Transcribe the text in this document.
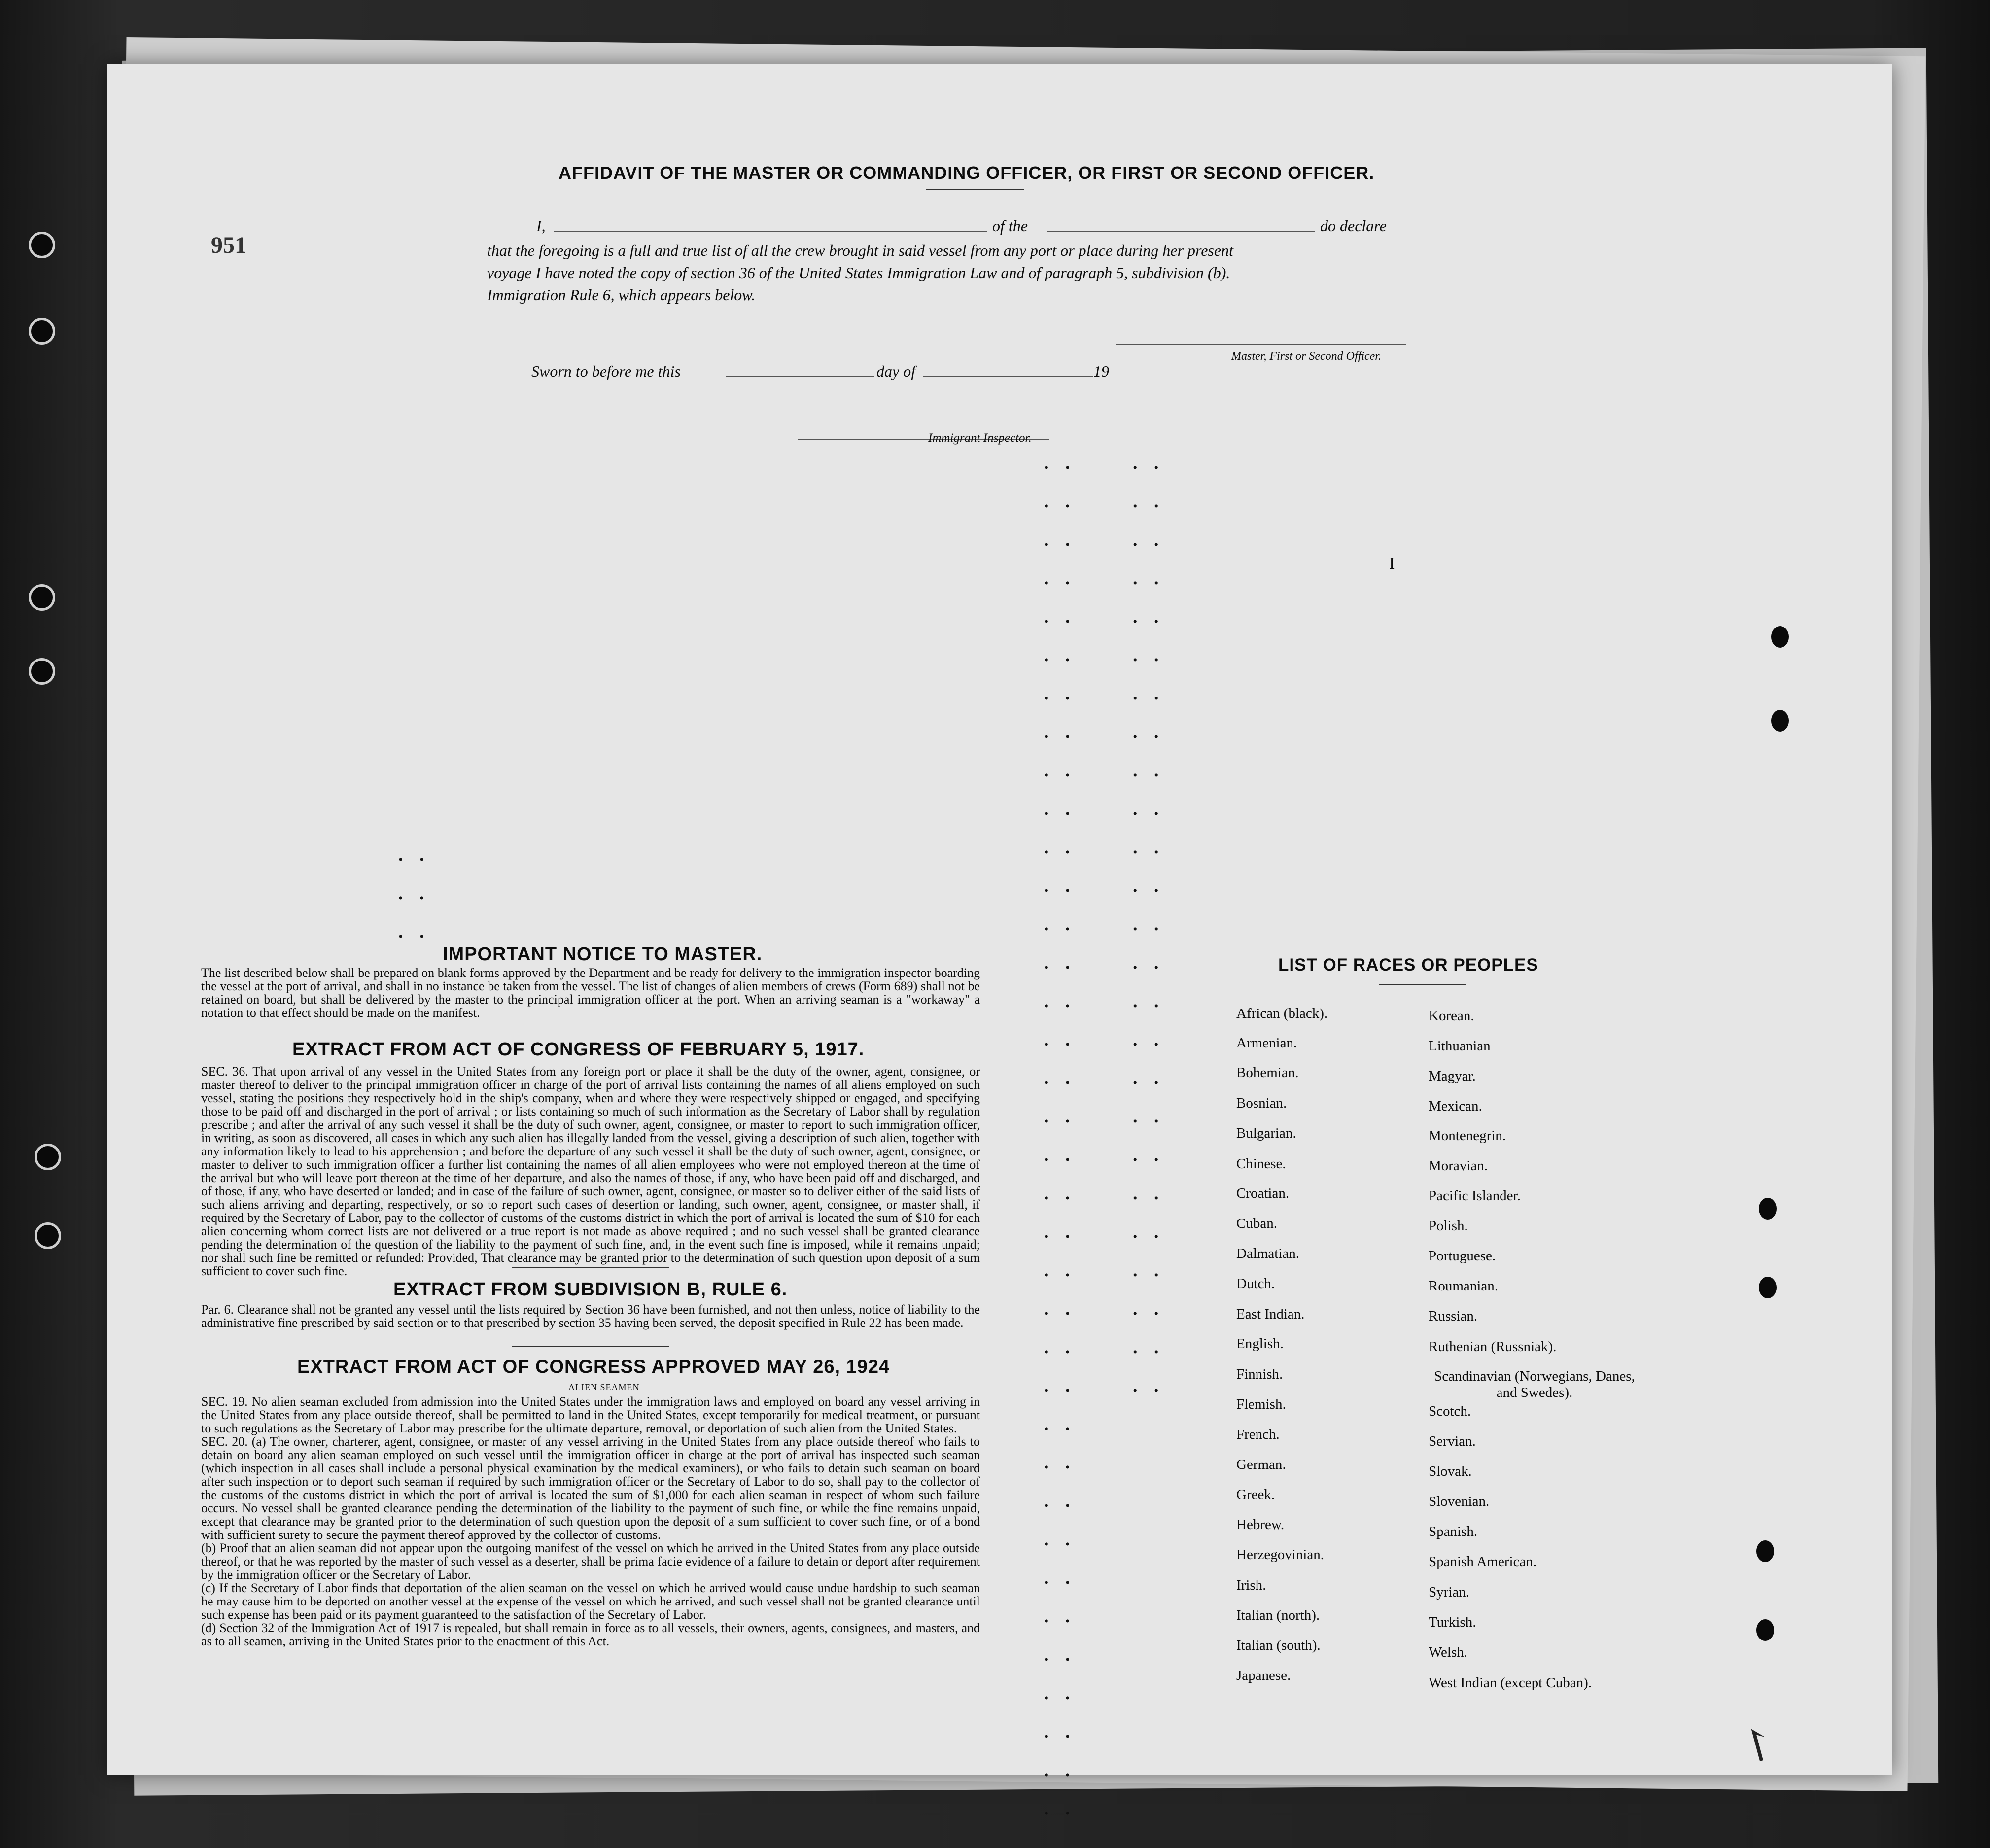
951
AFFIDAVIT OF THE MASTER OR COMMANDING OFFICER, OR FIRST OR SECOND OFFICER.
I,	of the	do declare
that the foregoing is a full and true list of all the crew brought in said vessel from any port or place during her present
voyage I have noted the copy of section 36 of the United States Immigration Law and of paragraph 5, subdivision (b).
Immigration Rule 6, which appears below.
Master, First or Second Officer.
Sworn to before me this	day of	19
Immigrant Inspector.
. .
. .
. .
. .
. .
. .
. .
. .
. .
. .
. .
. .
. .
. .
. .
. .
. .
. .
. .
. .
. .
. .
. .
. .
. .
. .
. .
. .
. .
. .
. .
. .
. .
. .
. .
. .
. .
. .
. .
. .
. .
. .
. .
. .
. .
. .
. .
. .
. .
. .
. .
. .
. .
. .
. .
. .
. .
. .
. .
. .
. .
. .
. .
. .
I
IMPORTANT NOTICE TO MASTER.
The list described below shall be prepared on blank forms approved by the Department and be ready for delivery to the immigration inspector boarding the vessel at the port of arrival, and shall in no instance be taken from the vessel. The list of changes of alien members of crews (Form 689) shall not be retained on board, but shall be delivered by the master to the principal immigration officer at the port. When an arriving seaman is a "workaway" a notation to that effect should be made on the manifest.
EXTRACT FROM ACT OF CONGRESS OF FEBRUARY 5, 1917.
SEC. 36. That upon arrival of any vessel in the United States from any foreign port or place it shall be the duty of the owner, agent, consignee, or master thereof to deliver to the principal immigration officer in charge of the port of arrival lists containing the names of all aliens employed on such vessel, stating the positions they respectively hold in the ship's company, when and where they were respectively shipped or engaged, and specifying those to be paid off and discharged in the port of arrival ; or lists containing so much of such information as the Secretary of Labor shall by regulation prescribe ; and after the arrival of any such vessel it shall be the duty of such owner, agent, consignee, or master to report to such immigration officer, in writing, as soon as discovered, all cases in which any such alien has illegally landed from the vessel, giving a description of such alien, together with any information likely to lead to his apprehension ; and before the departure of any such vessel it shall be the duty of such owner, agent, consignee, or master to deliver to such immigration officer a further list containing the names of all alien employees who were not employed thereon at the time of the arrival but who will leave port thereon at the time of her departure, and also the names of those, if any, who have been paid off and discharged, and of those, if any, who have deserted or landed; and in case of the failure of such owner, agent, consignee, or master so to deliver either of the said lists of such aliens arriving and departing, respectively, or so to report such cases of desertion or landing, such owner, agent, consignee, or master shall, if required by the Secretary of Labor, pay to the collector of customs of the customs district in which the port of arrival is located the sum of $10 for each alien concerning whom correct lists are not delivered or a true report is not made as above required ; and no such vessel shall be granted clearance pending the determination of the question of the liability to the payment of such fine, and, in the event such fine is imposed, while it remains unpaid; nor shall such fine be remitted or refunded: Provided, That clearance may be granted prior to the determination of such question upon deposit of a sum sufficient to cover such fine.
EXTRACT FROM SUBDIVISION B, RULE 6.
Par. 6. Clearance shall not be granted any vessel until the lists required by Section 36 have been furnished, and not then unless, notice of liability to the administrative fine prescribed by said section or to that prescribed by section 35 having been served, the deposit specified in Rule 22 has been made.
EXTRACT FROM ACT OF CONGRESS APPROVED MAY 26, 1924
ALIEN SEAMEN
SEC. 19. No alien seaman excluded from admission into the United States under the immigration laws and employed on board any vessel arriving in the United States from any place outside thereof, shall be permitted to land in the United States, except temporarily for medical treatment, or pursuant to such regulations as the Secretary of Labor may prescribe for the ultimate departure, removal, or deportation of such alien from the United States.
SEC. 20. (a) The owner, charterer, agent, consignee, or master of any vessel arriving in the United States from any place outside thereof who fails to detain on board any alien seaman employed on such vessel until the immigration officer in charge at the port of arrival has inspected such seaman (which inspection in all cases shall include a personal physical examination by the medical examiners), or who fails to detain such seaman on board after such inspection or to deport such seaman if required by such immigration officer or the Secretary of Labor to do so, shall pay to the collector of the customs of the customs district in which the port of arrival is located the sum of $1,000 for each alien seaman in respect of whom such failure occurs. No vessel shall be granted clearance pending the determination of the liability to the payment of such fine, or while the fine remains unpaid, except that clearance may be granted prior to the determination of such question upon the deposit of a sum sufficient to cover such fine, or of a bond with sufficient surety to secure the payment thereof approved by the collector of customs.
(b) Proof that an alien seaman did not appear upon the outgoing manifest of the vessel on which he arrived in the United States from any place outside thereof, or that he was reported by the master of such vessel as a deserter, shall be prima facie evidence of a failure to detain or deport after requirement by the immigration officer or the Secretary of Labor.
(c) If the Secretary of Labor finds that deportation of the alien seaman on the vessel on which he arrived would cause undue hardship to such seaman he may cause him to be deported on another vessel at the expense of the vessel on which he arrived, and such vessel shall not be granted clearance until such expense has been paid or its payment guaranteed to the satisfaction of the Secretary of Labor.
(d) Section 32 of the Immigration Act of 1917 is repealed, but shall remain in force as to all vessels, their owners, agents, consignees, and masters, and as to all seamen, arriving in the United States prior to the enactment of this Act.
LIST OF RACES OR PEOPLES
African (black).
Armenian.
Bohemian.
Bosnian.
Bulgarian.
Chinese.
Croatian.
Cuban.
Dalmatian.
Dutch.
East Indian.
English.
Finnish.
Flemish.
French.
German.
Greek.
Hebrew.
Herzegovinian.
Irish.
Italian (north).
Italian (south).
Japanese.
Korean.
Lithuanian
Magyar.
Mexican.
Montenegrin.
Moravian.
Pacific Islander.
Polish.
Portuguese.
Roumanian.
Russian.
Ruthenian (Russniak).
Scandinavian (Norwegians, Danes, and Swedes).
Scotch.
Servian.
Slovak.
Slovenian.
Spanish.
Spanish American.
Syrian.
Turkish.
Welsh.
West Indian (except Cuban).
↾
